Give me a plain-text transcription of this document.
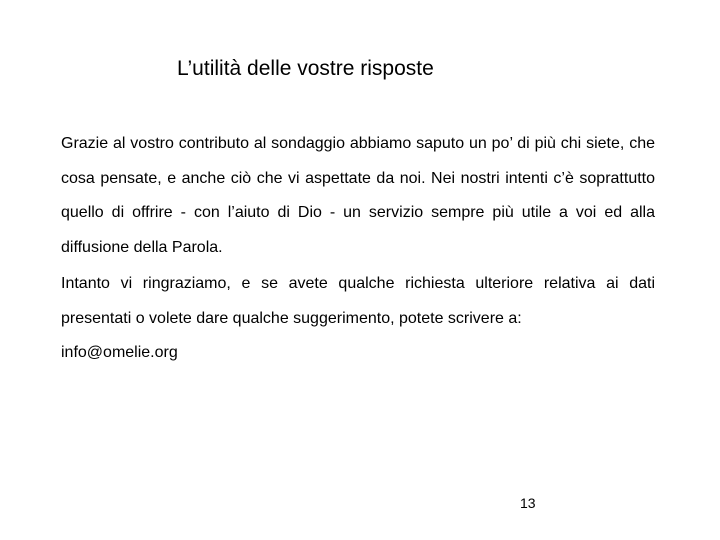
L’utilità delle vostre risposte

Grazie al vostro contributo al sondaggio abbiamo saputo un po’ di più chi siete, che cosa pensate, e anche ciò che vi aspettate da noi. Nei nostri intenti c’è soprattutto quello di offrire - con l’aiuto di Dio - un servizio sempre più utile a voi ed alla diffusione della Parola.

Intanto vi ringraziamo, e se avete qualche richiesta ulteriore relativa ai dati presentati o volete dare qualche suggerimento, potete scrivere a:

info@omelie.org

13
